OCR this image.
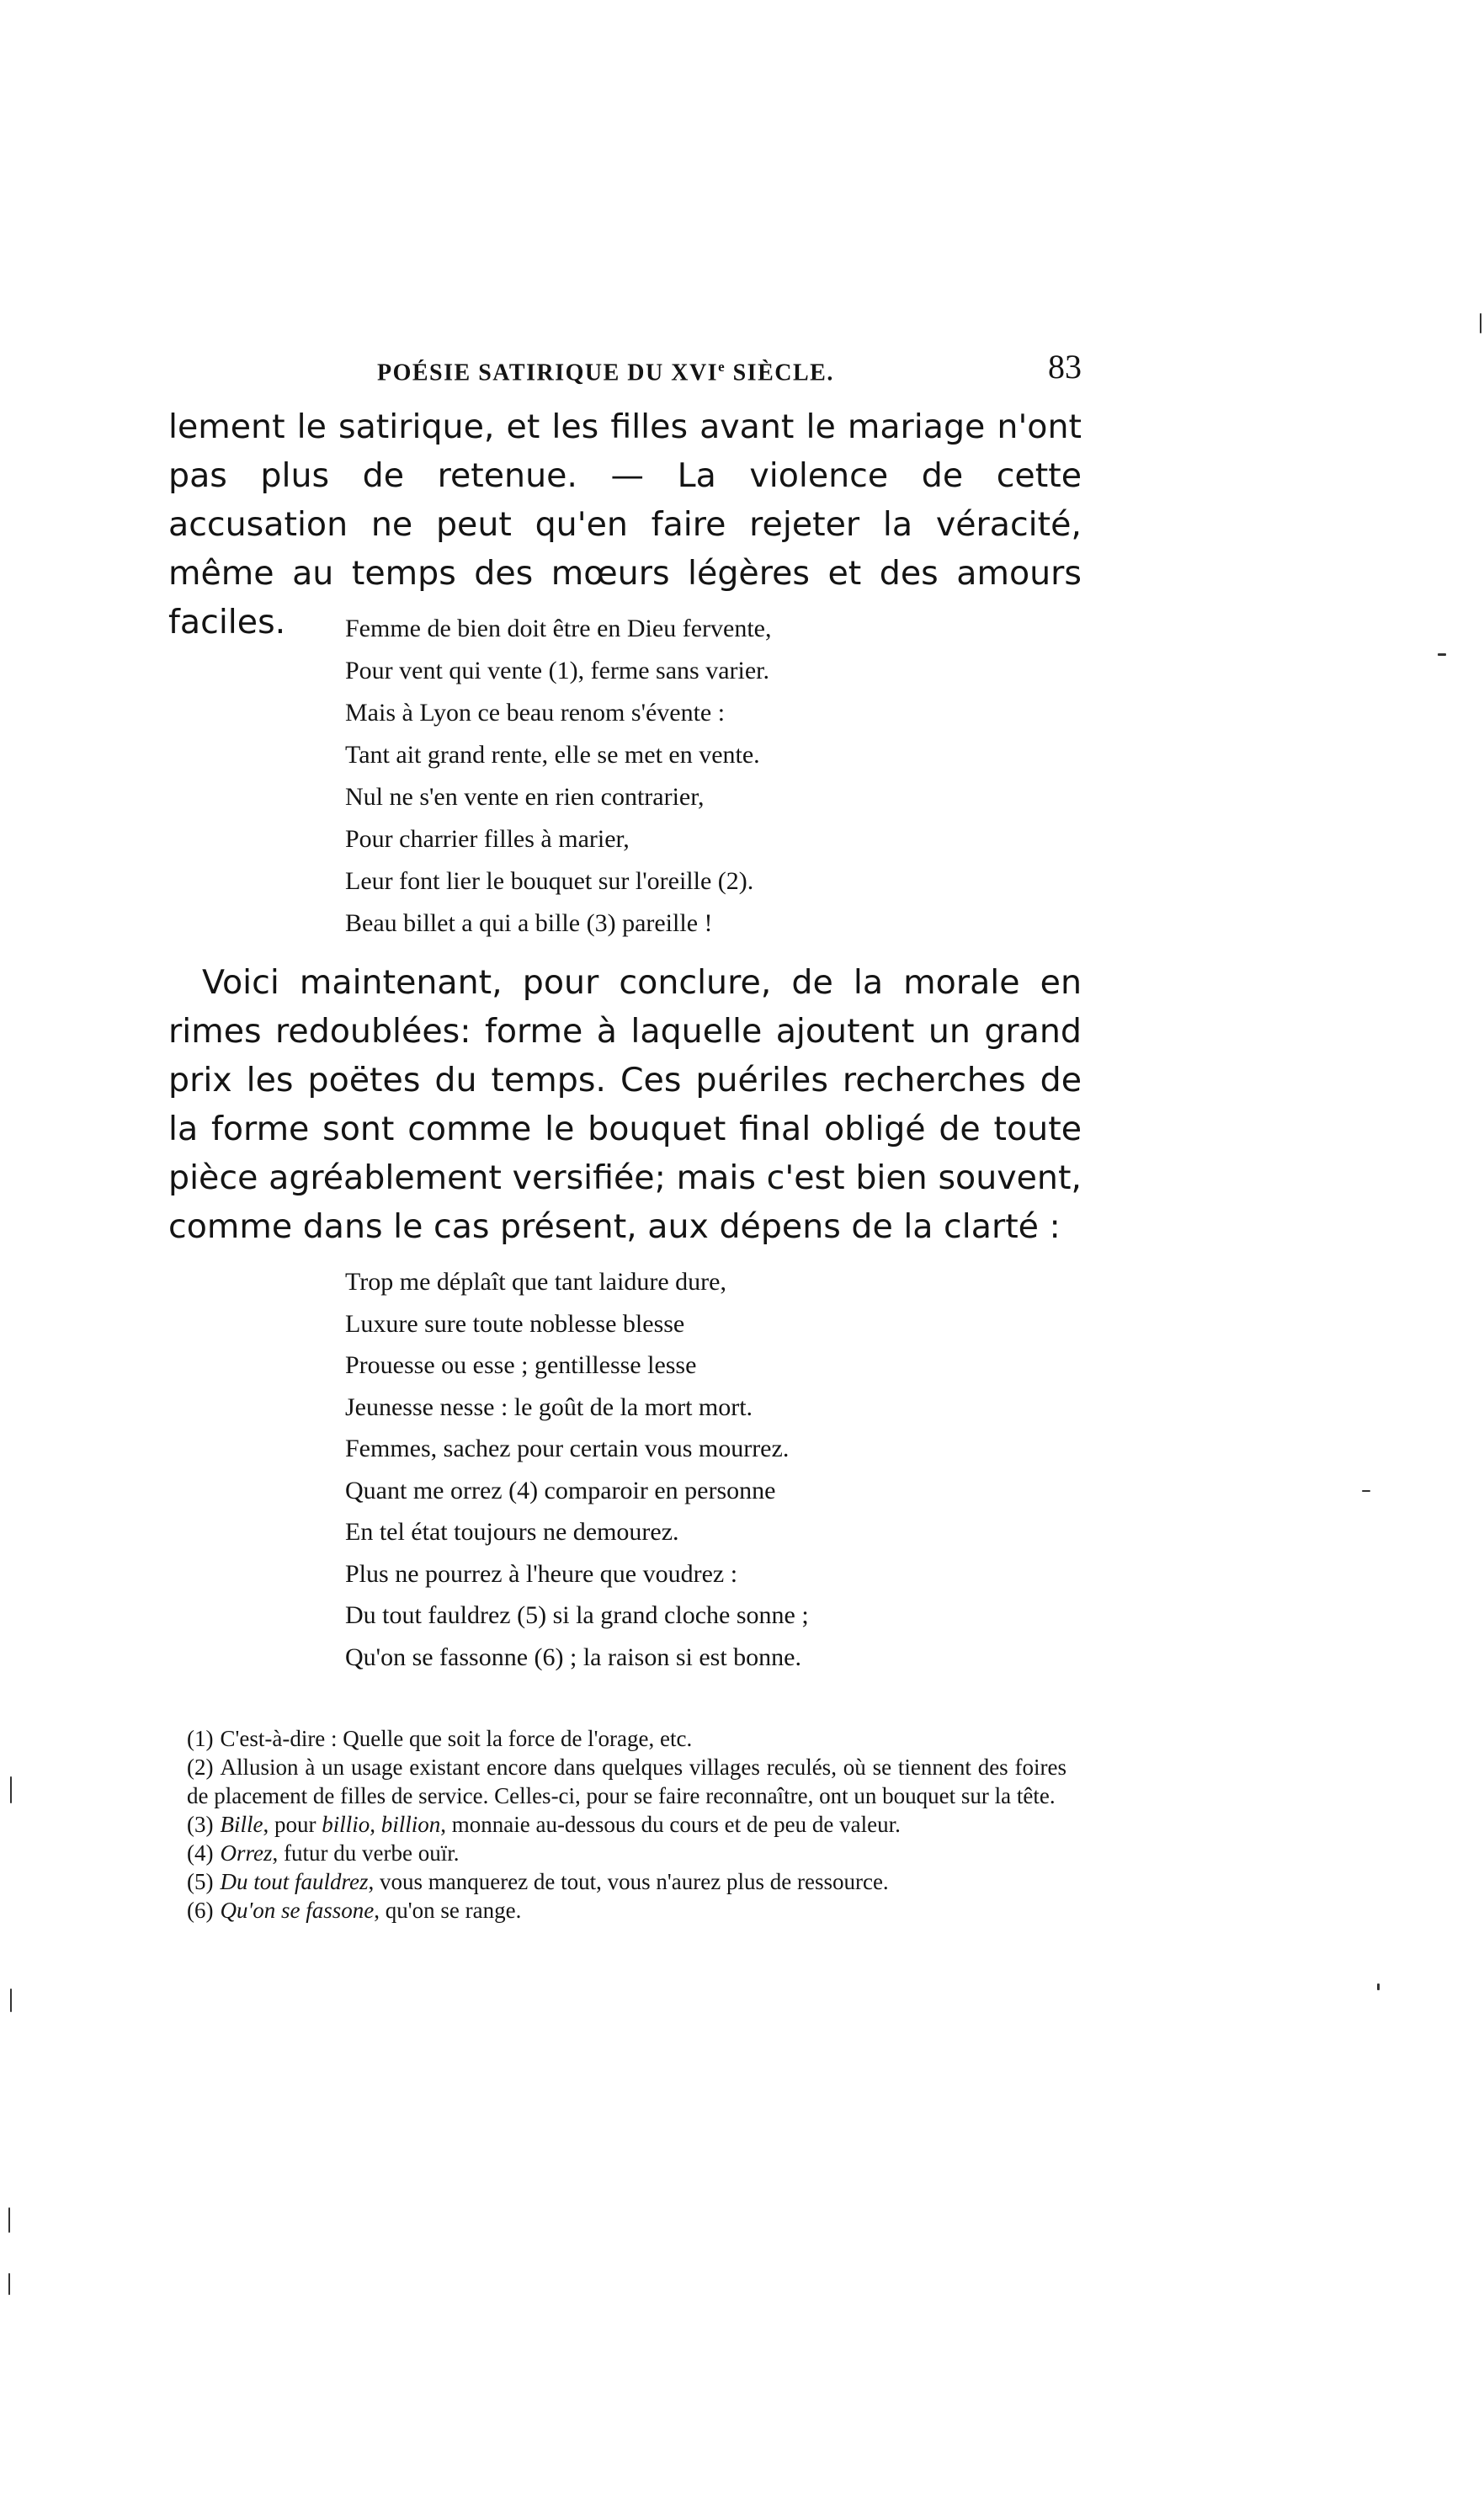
POÉSIE SATIRIQUE DU XVIe SIÈCLE.	83

lement le satirique, et les filles avant le mariage n'ont pas plus de retenue. — La violence de cette accusation ne peut qu'en faire rejeter la véracité, même au temps des mœurs légères et des amours faciles.	Femme de bien doit être en Dieu fervente,
Pour vent qui vente (1), ferme sans varier.
Mais à Lyon ce beau renom s'évente :
Tant ait grand rente, elle se met en vente.
Nul ne s'en vente en rien contrarier,
Pour charrier filles à marier,
Leur font lier le bouquet sur l'oreille (2).
Beau billet a qui a bille (3) pareille !

Voici maintenant, pour conclure, de la morale en rimes redoublées: forme à laquelle ajoutent un grand prix les poëtes du temps. Ces puériles recherches de la forme sont comme le bouquet final obligé de toute pièce agréablement versifiée; mais c'est bien souvent, comme dans le cas présent, aux dépens de la clarté :

Trop me déplaît que tant laidure dure,
Luxure sure toute noblesse blesse
Prouesse ou esse ; gentillesse lesse
Jeunesse nesse : le goût de la mort mort.
Femmes, sachez pour certain vous mourrez.
Quant me orrez (4) comparoir en personne
En tel état toujours ne demourez.
Plus ne pourrez à l'heure que voudrez :
Du tout fauldrez (5) si la grand cloche sonne ;
Qu'on se fassonne (6) ; la raison si est bonne.

(1) C'est-à-dire : Quelle que soit la force de l'orage, etc.

(2) Allusion à un usage existant encore dans quelques villages reculés, où se tiennent des foires de placement de filles de service. Celles-ci, pour se faire reconnaître, ont un bouquet sur la tête.

(3) Bille, pour billio, billion, monnaie au-dessous du cours et de peu de valeur.

(4) Orrez, futur du verbe ouïr.

(5) Du tout fauldrez, vous manquerez de tout, vous n'aurez plus de ressource.

(6) Qu'on se fassone, qu'on se range.
